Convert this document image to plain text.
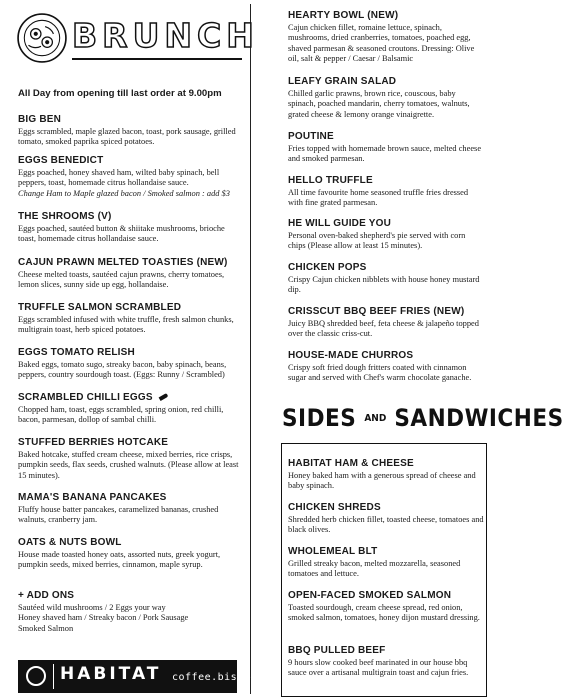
BRUNCH
All Day from opening till last order at 9.00pm
BIG BEN
Eggs scrambled, maple glazed bacon, toast, pork sausage, grilled tomato, smoked paprika spiced potatoes.
EGGS BENEDICT
Eggs poached, honey shaved ham, wilted baby spinach, bell peppers, toast, homemade citrus hollandaise sauce.
Change Ham to Maple glazed bacon / Smoked salmon : add $3
THE SHROOMS (V)
Eggs poached, sautéed button & shiitake mushrooms, brioche toast, homemade citrus hollandaise sauce.
CAJUN PRAWN MELTED TOASTIES (NEW)
Cheese melted toasts, sautéed cajun prawns, cherry tomatoes, lemon slices, sunny side up egg, hollandaise.
TRUFFLE SALMON SCRAMBLED
Eggs scrambled infused with white truffle, fresh salmon chunks, multigrain toast, herb spiced potatoes.
EGGS TOMATO RELISH
Baked eggs, tomato sugo, streaky bacon, baby spinach, beans, peppers, country sourdough toast. (Eggs: Runny / Scrambled)
SCRAMBLED CHILLI EGGS
Chopped ham, toast, eggs scrambled, spring onion, red chilli, bacon, parmesan, dollop of sambal chilli.
STUFFED BERRIES HOTCAKE
Baked hotcake, stuffed cream cheese, mixed berries, rice crisps, pumpkin seeds, flax seeds, crushed walnuts. (Please allow at least 15 minutes).
MAMA'S BANANA PANCAKES
Fluffy house batter pancakes, caramelized bananas, crushed walnuts, cranberry jam.
OATS & NUTS BOWL
House made toasted honey oats, assorted nuts, greek yogurt, pumpkin seeds, mixed berries, cinnamon, maple syrup.
+ ADD ONS
Sautéed wild mushrooms / 2 Eggs your way
Honey shaved ham / Streaky bacon / Pork Sausage
Smoked Salmon
HABITAT coffee.bistro
HEARTY BOWL (NEW)
Cajun chicken fillet, romaine lettuce, spinach, mushrooms, dried cranberries, tomatoes, poached egg, shaved parmesan & seasoned croutons. Dressing: Olive oil, salt & pepper / Caesar / Balsamic
LEAFY GRAIN SALAD
Chilled garlic prawns, brown rice, couscous, baby spinach, poached mandarin, cherry tomatoes, walnuts, grated cheese & lemony orange vinaigrette.
POUTINE
Fries topped with homemade brown sauce, melted cheese and smoked parmesan.
HELLO TRUFFLE
All time favourite home seasoned truffle fries dressed with fine grated parmesan.
HE WILL GUIDE YOU
Personal oven-baked shepherd's pie served with corn chips (Please allow at least 15 minutes).
CHICKEN POPS
Crispy Cajun chicken nibblets with house honey mustard dip.
CRISSCUT BBQ BEEF FRIES (NEW)
Juicy BBQ shredded beef, feta cheese & jalapeño topped over the classic criss-cut.
HOUSE-MADE CHURROS
Crispy soft fried dough fritters coated with cinnamon sugar and served with Chef's warm chocolate ganache.
SIDES AND SANDWICHES
HABITAT HAM & CHEESE
Honey baked ham with a generous spread of cheese and baby spinach.
CHICKEN SHREDS
Shredded herb chicken fillet, toasted cheese, tomatoes and black olives.
WHOLEMEAL BLT
Grilled streaky bacon, melted mozzarella, seasoned tomatoes and lettuce.
OPEN-FACED SMOKED SALMON
Toasted sourdough, cream cheese spread, red onion, smoked salmon, tomatoes, honey dijon mustard dressing.
BBQ PULLED BEEF
9 hours slow cooked beef marinated in our house bbq sauce over a artisanal multigrain toast and cajun fries.
